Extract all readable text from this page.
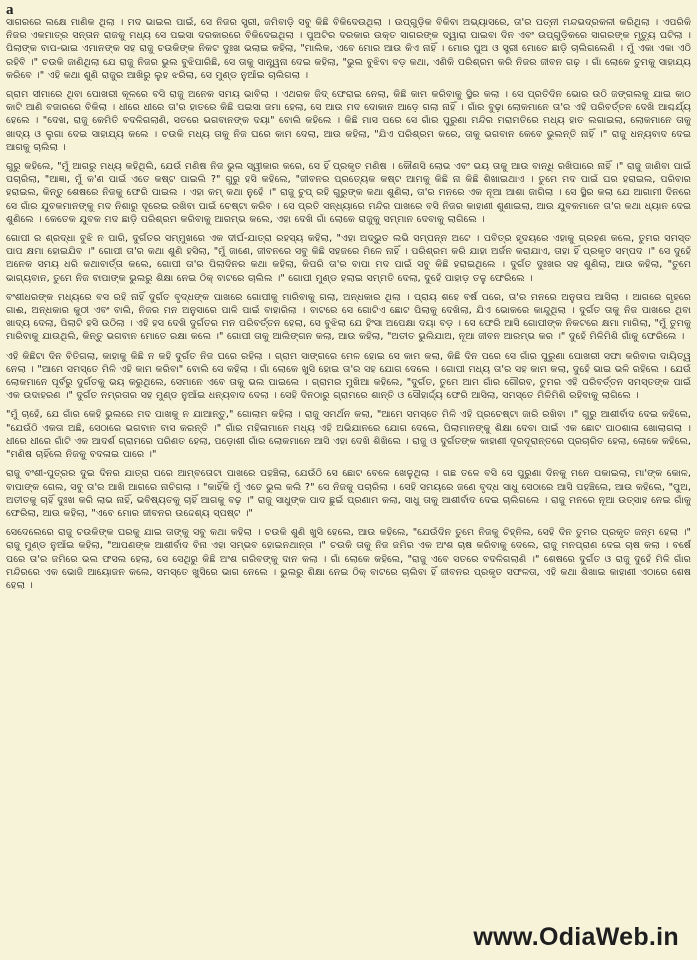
a

ସାଗରରେ ଲକ୍ଷେ ମାଣିକ ଥିଲା । ମଦ ଭାଇଲ ପାଇଁ, ସେ ନିଜର ସ୍ତ୍ରୀ, ଜମିବାଡ଼ି ସବୁ କିଛି ବିକିଦେଉଥିଲା । ଉପ୍ଗୁଡ଼ିକ ବିକିବା ଅଭ୍ୟାସରେ, ତା'ର ପତ୍ନୀ ମନ୍ଦଭଦ୍ରକଳୀ କରିଥିଲା । ଏପରିକି ନିଜର ଏକମାତ୍ର ସନ୍ତାନ ରାଜକୁ ମଧ୍ୟ ସେ ପଇସା ଦରକାରରେ ବିକିଦେଇଥିଲା । ପୁଅଟିର ଦରକାର ଉକ୍ତ ସାଗରଙ୍କ ଦ୍ୱାରା ପାଇବା ଦିନ ଏବଂ ଉପ୍‌ଗୁଡ଼ିକରେ ସାଗରଙ୍କ ମୃତ୍ୟୁ ଘଟିଲା । ପିଲାଙ୍କ ବାପ-ଭାଇ ଏମାନଙ୍କ ସହ ରାଜୁ ଚଉକିଙ୍କ ନିକଟ ଦୁଃଖ ଭଲାଇ କହିଲା, "ମାଲିକ, ଏବେ ମୋର ଆଉ କିଏ ନାହିଁ । ମୋର ପୁଅ ଓ ସ୍ତ୍ରୀ ମୋତେ ଛାଡ଼ି ଚାଲିଗଲେଣି । ମୁଁ ଏକା ଏକା ଏଠି ରହିବି ।" ଚଉକି ଜାଣିଥିଲା ଯେ ରାଜୁ ନିଜର ଭୁଲ ବୁଝିପାରିଛି, ସେ ତାକୁ ସାନ୍ତ୍ୱନା ଦେଇ କହିଲା, "ଭୁଲ ବୁଝିବା ବଡ଼ କଥା, ଏଣିକି ପରିଶ୍ରମ କରି ନିଜର ଜୀବନ ଗଢ଼ । ଗାଁ ଲୋକେ ତୁମକୁ ସାହାଯ୍ୟ କରିବେ ।" ଏହି କଥା ଶୁଣି ରାଜୁର ଆଖିରୁ ଲୁହ ଝରିଲା, ସେ ମୁଣ୍ଡ ନୁଆଁଇ ଚାଲିଗଲା ।

ଗ୍ରାମ ସୀମାରେ ଥିବା ପୋଖରୀ କୂଳରେ ବସି ରାଜୁ ଅନେକ ସମୟ ଭାବିଲା । ଏଥରକ ଜିଦ୍‌ ଫେରାଇ ନେଲା, କିଛି କାମ କରିବାକୁ ସ୍ଥିର କଲା । ସେ ପ୍ରତିଦିନ ଭୋର ଉଠି ଜଙ୍ଗଲକୁ ଯାଇ କାଠ କାଟି ଆଣି ବଜାରରେ ବିକିଲା । ଧୀରେ ଧୀରେ ତା'ର ହାତରେ କିଛି ପଇସା ଜମା ହେଲା, ସେ ଆଉ ମଦ ଦୋକାନ ଆଡ଼େ ଗଲା ନାହିଁ । ଗାଁର ବୁଢ଼ା ଲୋକମାନେ ତା'ର ଏହି ପରିବର୍ତ୍ତନ ଦେଖି ଆଶ୍ଚର୍ଯ୍ୟ ହେଲେ । "ଦେଖ, ରାଜୁ କେମିତି ବଦଳିଗଲାଣି, ସତରେ ଭଗବାନଙ୍କ ଦୟା" ବୋଲି କହିଲେ । କିଛି ମାସ ପରେ ସେ ଗାଁର ପୁରୁଣା ମନ୍ଦିର ମରାମତିରେ ମଧ୍ୟ ହାତ ଲଗାଇଲା, ଲୋକମାନେ ତାକୁ ଖାଦ୍ୟ ଓ ଲୁଗା ଦେଇ ସାହାଯ୍ୟ କଲେ । ଚଉକି ମଧ୍ୟ ତାକୁ ନିଜ ଘରେ କାମ ଦେଲା, ଆଉ କହିଲା, "ଯିଏ ପରିଶ୍ରମ କରେ, ତାକୁ ଭଗବାନ କେବେ ଭୁଲନ୍ତି ନାହିଁ ।" ରାଜୁ ଧନ୍ୟବାଦ ଦେଇ ଆଗକୁ ଚାଲିଲା ।

ଗୁରୁ କହିଲେ, "ମୁଁ ଆଗରୁ ମଧ୍ୟ କହିଥିଲି, ଯେଉଁ ମଣିଷ ନିଜ ଭୁଲ ସ୍ୱୀକାର କରେ, ସେ ହିଁ ପ୍ରକୃତ ମଣିଷ । କୌଣସି ଲୋଭ ଏବଂ ଭୟ ତାକୁ ଆଉ ବାନ୍ଧି ରଖିପାରେ ନାହିଁ ।" ରାଜୁ ଜାଣିବା ପାଇଁ ପଚାରିଲା, "ଆଜ୍ଞା, ମୁଁ କ'ଣ ପାଇଁ ଏତେ କଷ୍ଟ ପାଇଲି ?" ଗୁରୁ ହସି କହିଲେ, "ଜୀବନର ପ୍ରତ୍ୟେକ କଷ୍ଟ ଆମକୁ କିଛି ନା କିଛି ଶିଖାଇଥାଏ । ତୁମେ ମଦ ପାଇଁ ଘର ହରାଇଲ, ପରିବାର ହରାଇଲ, କିନ୍ତୁ ଶେଷରେ ନିଜକୁ ଫେରି ପାଇଲ । ଏହା କମ୍ କଥା ନୁହେଁ ।" ରାଜୁ ଚୁପ୍ ରହି ଗୁରୁଙ୍କ କଥା ଶୁଣିଲା, ତା'ର ମନରେ ଏକ ନୂଆ ଆଶା ଜାଗିଲା । ସେ ସ୍ଥିର କଲା ଯେ ଆଗାମୀ ଦିନରେ ସେ ଗାଁର ଯୁବକମାନଙ୍କୁ ମଦ ନିଶାରୁ ଦୂରେଇ ରଖିବା ପାଇଁ ଚେଷ୍ଟା କରିବ । ସେ ପ୍ରତି ସନ୍ଧ୍ୟାରେ ମନ୍ଦିର ପାଖରେ ବସି ନିଜର କାହାଣୀ ଶୁଣାଇଲା, ଆଉ ଯୁବକମାନେ ତା'ର କଥା ଧ୍ୟାନ ଦେଇ ଶୁଣିଲେ । କେତେକ ଯୁବକ ମଦ ଛାଡ଼ି ପରିଶ୍ରମ କରିବାକୁ ଆରମ୍ଭ କଲେ, ଏହା ଦେଖି ଗାଁ ଲୋକେ ରାଜୁକୁ ସମ୍ମାନ ଦେବାକୁ ଲାଗିଲେ ।

ଗୋପୀ ର ଶ୍ରଦ୍ଧା ବୁଝି ନ ପାରି, ଦୁର୍ଗତର ସମ୍ମୁଖରେ ଏକ ଦୀର୍ଘ-ଯାତ୍ରା ରହସ୍ୟ କହିଲା, "ଏହା ଅଦ୍ଭୁତ ଲଭି ସମ୍ପନ୍ନ ଅଟେ । ପବିତ୍ର ହୃଦୟରେ ଏହାକୁ ଗ୍ରହଣ କଲେ, ତୁମର ସମସ୍ତ ପାପ କ୍ଷମା ହୋଇଯିବ ।" ଗୋପୀ ତା'ର କଥା ଶୁଣି ହସିଲା, "ମୁଁ ଜାଣେ, ଜୀବନରେ ସବୁ କିଛି ସହଜରେ ମିଳେ ନାହିଁ । ପରିଶ୍ରମ କରି ଯାହା ଅର୍ଜନ କରାଯାଏ, ତାହା ହିଁ ପ୍ରକୃତ ସମ୍ପଦ ।" ସେ ଦୁହେଁ ଅନେକ ସମୟ ଧରି କଥାବାର୍ତ୍ତା କଲେ, ଗୋପୀ ତା'ର ପିଲାଦିନର କଥା କହିଲା, କିପରି ତା'ର ବାପା ମଦ ପାଇଁ ସବୁ କିଛି ହରାଇଥିଲେ । ଦୁର୍ଗତ ଦୁଃଖର ସହ ଶୁଣିଲା, ଆଉ କହିଲା, "ତୁମେ ଭାଗ୍ୟବାନ, ତୁମେ ନିଜ ବାପାଙ୍କ ଭୁଲରୁ ଶିକ୍ଷା ନେଇ ଠିକ୍ ବାଟରେ ଚାଲିଲ ।" ଗୋପୀ ମୁଣ୍ଡ ହଲାଇ ସମ୍ମତି ଦେଲା, ଦୁହେଁ ପାହାଡ଼ ତଳୁ ଫେରିଲେ ।

ବଂଶୀଧରଙ୍କ ମଧ୍ୟରେ ବସ ରହି ନାହିଁ ଦୁର୍ଗତ ବୃଦ୍ଧଙ୍କ ପାଖରେ ଗୋପୀକୁ ମାରିବାକୁ ଗଲା, ଅନ୍ଧକାର ଥିଲା । ପ୍ରାୟ ଶହେ ବର୍ଷ ପରେ, ତା'ର ମନରେ ଅନୁତାପ ଆସିଲା । ଆଗରେ ଗୃହରେ ଗାଈ, ଅନ୍ଧକାର କୁଠୀ ଏବଂ ବାଲି, ନିଜର ମନ ଅନୁସାରେ ପାଳି ପାଇଁ ବାହାରିଲା । ବାଟରେ ସେ ଗୋଟିଏ ଛୋଟ ପିଲାକୁ ଦେଖିଲା, ଯିଏ ଭୋକରେ କାନ୍ଦୁଥିଲା । ଦୁର୍ଗତ ତାକୁ ନିଜ ପାଖରେ ଥିବା ଖାଦ୍ୟ ଦେଲା, ପିଲାଟି ହସି ଉଠିଲା । ଏହି ହସ ଦେଖି ଦୁର୍ଗତର ମନ ପରିବର୍ତ୍ତନ ହେଲା, ସେ ବୁଝିଲା ଯେ ହିଂସା ଅପେକ୍ଷା ଦୟା ବଡ଼ । ସେ ଫେରି ଆସି ଗୋପୀଙ୍କ ନିକଟରେ କ୍ଷମା ମାଗିଲା, "ମୁଁ ତୁମକୁ ମାରିବାକୁ ଯାଉଥିଲି, କିନ୍ତୁ ଭଗବାନ ମୋତେ ରକ୍ଷା କଲେ ।" ଗୋପୀ ତାକୁ ଆଲିଙ୍ଗନ କଲା, ଆଉ କହିଲା, "ଅତୀତ ଭୁଲିଯାଅ, ନୂଆ ଜୀବନ ଆରମ୍ଭ କର ।" ଦୁହେଁ ମିଳିମିଶି ଗାଁକୁ ଫେରିଲେ ।

ଏହି କିଛିଟା ଦିନ ବିତିଗଲା, କାହାକୁ କିଛି ନ କହି ଦୁର୍ଗତ ନିଜ ଘରେ ରହିଲା । ଗ୍ରାମ ସାଙ୍ଗରେ ମେଳ ହୋଇ ସେ କାମ କଲା, କିଛି ଦିନ ପରେ ସେ ଗାଁର ପୁରୁଣା ପୋଖରୀ ସଫା କରିବାର ଦାୟିତ୍ୱ ନେଲା । "ଆମେ ସମସ୍ତେ ମିଳି ଏହି କାମ କରିବା" ବୋଲି ସେ କହିଲା । ଗାଁ ଲୋକେ ଖୁସି ହୋଇ ତା'ର ସହ ଯୋଗ ଦେଲେ । ଗୋପୀ ମଧ୍ୟ ତା'ର ସହ କାମ କଲା, ଦୁହେଁ ଭାଇ ଭଳି ରହିଲେ । ଯେଉଁ ଲୋକମାନେ ପୂର୍ବରୁ ଦୁର୍ଗତକୁ ଭୟ କରୁଥିଲେ, ସେମାନେ ଏବେ ତାକୁ ଭଲ ପାଇଲେ । ଗ୍ରାମର ମୁଖିଆ କହିଲେ, "ଦୁର୍ଗତ, ତୁମେ ଆମ ଗାଁର ଗୌରବ, ତୁମର ଏହି ପରିବର୍ତ୍ତନ ସମସ୍ତଙ୍କ ପାଇଁ ଏକ ଉଦାହରଣ ।" ଦୁର୍ଗତ ନମ୍ରତାର ସହ ମୁଣ୍ଡ ନୁଆଁଇ ଧନ୍ୟବାଦ ଦେଲା । ସେହି ଦିନଠାରୁ ଗ୍ରାମରେ ଶାନ୍ତି ଓ ସୌହାର୍ଦ୍ଦ୍ୟ ଫେରି ଆସିଲା, ସମସ୍ତେ ମିଳିମିଶି ରହିବାକୁ ଲାଗିଲେ ।

"ମୁଁ ଚାହେଁ, ଯେ ଗାଁର କେହି ଭୁଲରେ ମଦ ପାଖକୁ ନ ଯାଆନ୍ତୁ," ଗୋଲାମ କହିଲା । ରାଜୁ ସମର୍ଥନ କଲା, "ଆମେ ସମସ୍ତେ ମିଳି ଏହି ପ୍ରଚେଷ୍ଟା ଜାରି ରଖିବା ।" ଗୁରୁ ଆଶୀର୍ବାଦ ଦେଇ କହିଲେ, "ଯେଉଁଠି ଏକତା ଅଛି, ସେଠାରେ ଭଗବାନ ବାସ କରନ୍ତି ।" ଗାଁର ମହିଳାମାନେ ମଧ୍ୟ ଏହି ଅଭିଯାନରେ ଯୋଗ ଦେଲେ, ପିଲାମାନଙ୍କୁ ଶିକ୍ଷା ଦେବା ପାଇଁ ଏକ ଛୋଟ ପାଠଶାଳା ଖୋଲାଗଲା । ଧୀରେ ଧୀରେ ଗାଁଟି ଏକ ଆଦର୍ଶ ଗ୍ରାମରେ ପରିଣତ ହେଲା, ପଡ଼ୋଶୀ ଗାଁର ଲୋକମାନେ ଆସି ଏହା ଦେଖି ଶିଖିଲେ । ରାଜୁ ଓ ଦୁର୍ଗତଙ୍କ କାହାଣୀ ଦୂରଦୂରାନ୍ତରେ ପ୍ରଚାରିତ ହେଲା, ଲୋକେ କହିଲେ, "ମଣିଷ ଚାହିଁଲେ ନିଜକୁ ବଦଳାଇ ପାରେ ।"

ରାଜୁ ବଂଶୀ-ପୁତ୍ରର ଦୁଇ ଦିନର ଯାତ୍ରା ପରେ ଆମ୍ବତୋଟା ପାଖରେ ପହଞ୍ଚିଲା, ଯେଉଁଠି ସେ ଛୋଟ ବେଳେ ଖେଳୁଥିଲା । ଗଛ ତଳେ ବସି ସେ ପୁରୁଣା ଦିନକୁ ମନେ ପକାଇଲା, ମା'ଙ୍କ କୋଳ, ବାପାଙ୍କ ଗେଲ, ସବୁ ତା'ର ଆଖି ଆଗରେ ନାଚିଗଲା । "କାହିଁକି ମୁଁ ଏତେ ଭୁଲ କଲି ?" ସେ ନିଜକୁ ପଚାରିଲା । ସେହି ସମୟରେ ଜଣେ ବୃଦ୍ଧ ସାଧୁ ସେଠାରେ ଆସି ପହଞ୍ଚିଲେ, ଆଉ କହିଲେ, "ପୁଅ, ଅତୀତକୁ ଚାହିଁ ଦୁଃଖ କରି ଲାଭ ନାହିଁ, ଭବିଷ୍ୟତକୁ ଚାହିଁ ଆଗକୁ ବଢ଼ ।" ରାଜୁ ସାଧୁଙ୍କ ପାଦ ଛୁଇଁ ପ୍ରଣାମ କଲା, ସାଧୁ ତାକୁ ଆଶୀର୍ବାଦ ଦେଇ ଚାଲିଗଲେ । ରାଜୁ ମନରେ ନୂଆ ଉତ୍ସାହ ନେଇ ଗାଁକୁ ଫେରିଲା, ଆଉ କହିଲା, "ଏବେ ମୋର ଜୀବନର ଉଦ୍ଦେଶ୍ୟ ସ୍ପଷ୍ଟ ।"

ସେଦେଲେରେ ରାଜୁ ଚଉକିଙ୍କ ଘରକୁ ଯାଇ ତାଙ୍କୁ ସବୁ କଥା କହିଲା । ଚଉକି ଶୁଣି ଖୁସି ହେଲେ, ଆଉ କହିଲେ, "ଯେଉଁଦିନ ତୁମେ ନିଜକୁ ଚିହ୍ନିଲ, ସେହି ଦିନ ତୁମର ପ୍ରକୃତ ଜନ୍ମ ହେଲା ।" ରାଜୁ ମୁଣ୍ଡ ନୁଆଁଇ କହିଲା, "ଆପଣଙ୍କ ଆଶୀର୍ବାଦ ବିନା ଏହା ସମ୍ଭବ ହୋଇନଥାନ୍ତା ।" ଚଉକି ତାକୁ ନିଜ ଜମିର ଏକ ଅଂଶ ଚାଷ କରିବାକୁ ଦେଲେ, ରାଜୁ ମନପ୍ରାଣ ଦେଇ ଚାଷ କଲା । ବର୍ଷେ ପରେ ତା'ର ଜମିରେ ଭଲ ଫସଲ ହେଲା, ସେ ସେଥିରୁ କିଛି ଅଂଶ ଗରିବଙ୍କୁ ଦାନ କଲା । ଗାଁ ଲୋକେ କହିଲେ, "ରାଜୁ ଏବେ ସତରେ ବଦଳିଗଲାଣି ।" ଶେଷରେ ଦୁର୍ଗତ ଓ ରାଜୁ ଦୁହେଁ ମିଳି ଗାଁର ମନ୍ଦିରରେ ଏକ ଭୋଜି ଆୟୋଜନ କଲେ, ସମସ୍ତେ ଖୁସିରେ ଭାଗ ନେଲେ । ଭୁଲରୁ ଶିକ୍ଷା ନେଇ ଠିକ୍ ବାଟରେ ଚାଲିବା ହିଁ ଜୀବନର ପ୍ରକୃତ ସଫଳତା, ଏହି କଥା ଶିଖାଇ କାହାଣୀ ଏଠାରେ ଶେଷ ହେଲା ।

www.OdiaWeb.in
